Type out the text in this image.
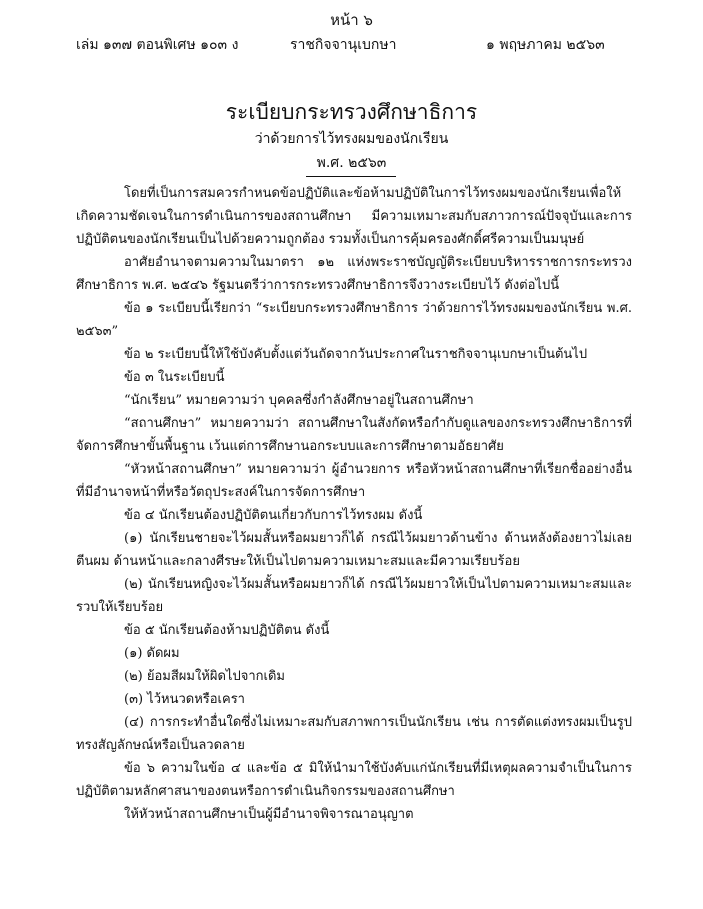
หน้า ๖
เล่ม ๑๓๗ ตอนพิเศษ ๑๐๓ ง	ราชกิจจานุเบกษา	๑ พฤษภาคม ๒๕๖๓
ระเบียบกระทรวงศึกษาธิการ
ว่าด้วยการไว้ทรงผมของนักเรียน
พ.ศ. ๒๕๖๓

โดยที่เป็นการสมควรกำหนดข้อปฏิบัติและข้อห้ามปฏิบัติในการไว้ทรงผมของนักเรียนเพื่อให้เกิดความชัดเจนในการดำเนินการของสถานศึกษา มีความเหมาะสมกับสภาวการณ์ปัจจุบันและการปฏิบัติตนของนักเรียนเป็นไปด้วยความถูกต้อง รวมทั้งเป็นการคุ้มครองศักดิ์ศรีความเป็นมนุษย์

อาศัยอำนาจตามความในมาตรา ๑๒ แห่งพระราชบัญญัติระเบียบบริหารราชการกระทรวงศึกษาธิการ พ.ศ. ๒๕๔๖ รัฐมนตรีว่าการกระทรวงศึกษาธิการจึงวางระเบียบไว้ ดังต่อไปนี้

ข้อ ๑ ระเบียบนี้เรียกว่า “ระเบียบกระทรวงศึกษาธิการ ว่าด้วยการไว้ทรงผมของนักเรียน พ.ศ. ๒๕๖๓”

ข้อ ๒ ระเบียบนี้ให้ใช้บังคับตั้งแต่วันถัดจากวันประกาศในราชกิจจานุเบกษาเป็นต้นไป

ข้อ ๓ ในระเบียบนี้

“นักเรียน” หมายความว่า บุคคลซึ่งกำลังศึกษาอยู่ในสถานศึกษา

“สถานศึกษา” หมายความว่า สถานศึกษาในสังกัดหรือกำกับดูแลของกระทรวงศึกษาธิการที่จัดการศึกษาขั้นพื้นฐาน เว้นแต่การศึกษานอกระบบและการศึกษาตามอัธยาศัย

“หัวหน้าสถานศึกษา” หมายความว่า ผู้อำนวยการ หรือหัวหน้าสถานศึกษาที่เรียกชื่ออย่างอื่นที่มีอำนาจหน้าที่หรือวัตถุประสงค์ในการจัดการศึกษา

ข้อ ๔ นักเรียนต้องปฏิบัติตนเกี่ยวกับการไว้ทรงผม ดังนี้

(๑) นักเรียนชายจะไว้ผมสั้นหรือผมยาวก็ได้ กรณีไว้ผมยาวด้านข้าง ด้านหลังต้องยาวไม่เลยตีนผม ด้านหน้าและกลางศีรษะให้เป็นไปตามความเหมาะสมและมีความเรียบร้อย

(๒) นักเรียนหญิงจะไว้ผมสั้นหรือผมยาวก็ได้ กรณีไว้ผมยาวให้เป็นไปตามความเหมาะสมและรวบให้เรียบร้อย

ข้อ ๕ นักเรียนต้องห้ามปฏิบัติตน ดังนี้

(๑) ดัดผม

(๒) ย้อมสีผมให้ผิดไปจากเดิม

(๓) ไว้หนวดหรือเครา

(๔) การกระทำอื่นใดซึ่งไม่เหมาะสมกับสภาพการเป็นนักเรียน เช่น การตัดแต่งทรงผมเป็นรูปทรงสัญลักษณ์หรือเป็นลวดลาย

ข้อ ๖ ความในข้อ ๔ และข้อ ๕ มิให้นำมาใช้บังคับแก่นักเรียนที่มีเหตุผลความจำเป็นในการปฏิบัติตามหลักศาสนาของตนหรือการดำเนินกิจกรรมของสถานศึกษา

ให้หัวหน้าสถานศึกษาเป็นผู้มีอำนาจพิจารณาอนุญาต
